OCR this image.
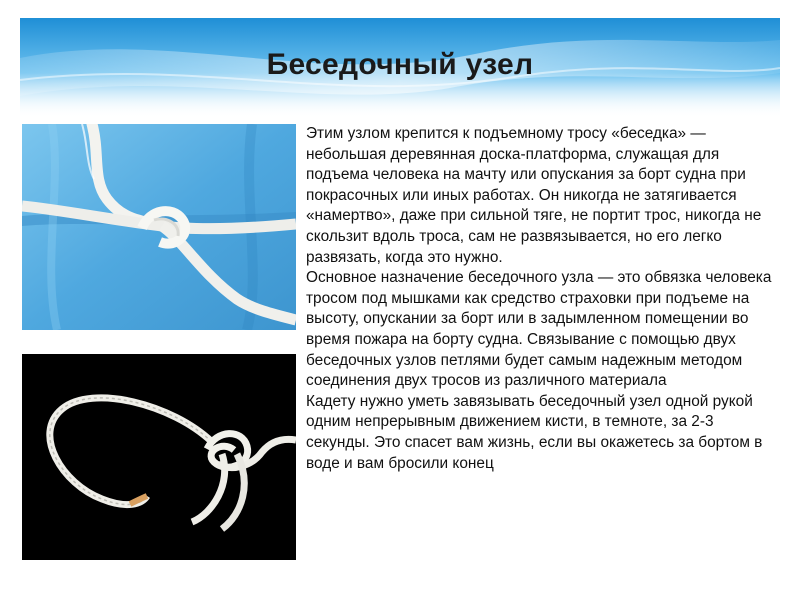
Беседочный узел

Этим узлом крепится к подъемному тросу «беседка» — небольшая деревянная доска-платформа, служащая для подъема человека на мачту или опускания за борт судна при покрасочных или иных работах. Он никогда не затягивается «намертво», даже при сильной тяге, не портит трос, никогда не скользит вдоль троса, сам не развязывается, но его легко развязать, когда это нужно.

Основное назначение беседочного узла — это обвязка человека тросом под мышками как средство страховки при подъеме на высоту, опускании за борт или в задымленном помещении во время пожара на борту судна. Связывание с помощью двух беседочных узлов петлями будет самым надежным методом соединения двух тросов из различного материала

Кадету нужно уметь завязывать беседочный узел одной рукой одним непрерывным движением кисти, в темноте, за 2-3 секунды. Это спасет вам жизнь, если вы окажетесь за бортом в воде и вам бросили конец
